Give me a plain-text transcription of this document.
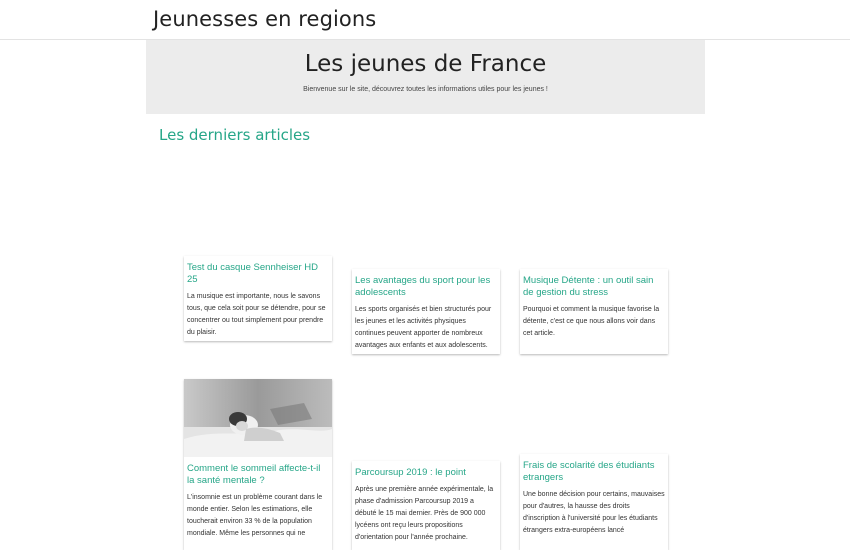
Jeunesses en regions
Les jeunes de France

Bienvenue sur le site, découvrez toutes les informations utiles pour les jeunes !

Les derniers articles
Test du casque Sennheiser HD 25

La musique est importante, nous le savons tous, que cela soit pour se détendre, pour se concentrer ou tout simplement pour prendre du plaisir.

Les avantages du sport pour les adolescents

Les sports organisés et bien structurés pour les jeunes et les activités physiques continues peuvent apporter de nombreux avantages aux enfants et aux adolescents.

Musique Détente : un outil sain de gestion du stress

Pourquoi et comment la musique favorise la détente, c'est ce que nous allons voir dans cet article.

Comment le sommeil affecte-t-il la santé mentale ?

L'insomnie est un problème courant dans le monde entier. Selon les estimations, elle toucherait environ 33 % de la population mondiale. Même les personnes qui ne

Parcoursup 2019 : le point

Après une première année expérimentale, la phase d'admission Parcoursup 2019 a débuté le 15 mai dernier. Près de 900 000 lycéens ont reçu leurs propositions d'orientation pour l'année prochaine.

Frais de scolarité des étudiants etrangers

Une bonne décision pour certains, mauvaises pour d'autres, la hausse des droits d'inscription à l'université pour les étudiants étrangers extra-européens lancé
